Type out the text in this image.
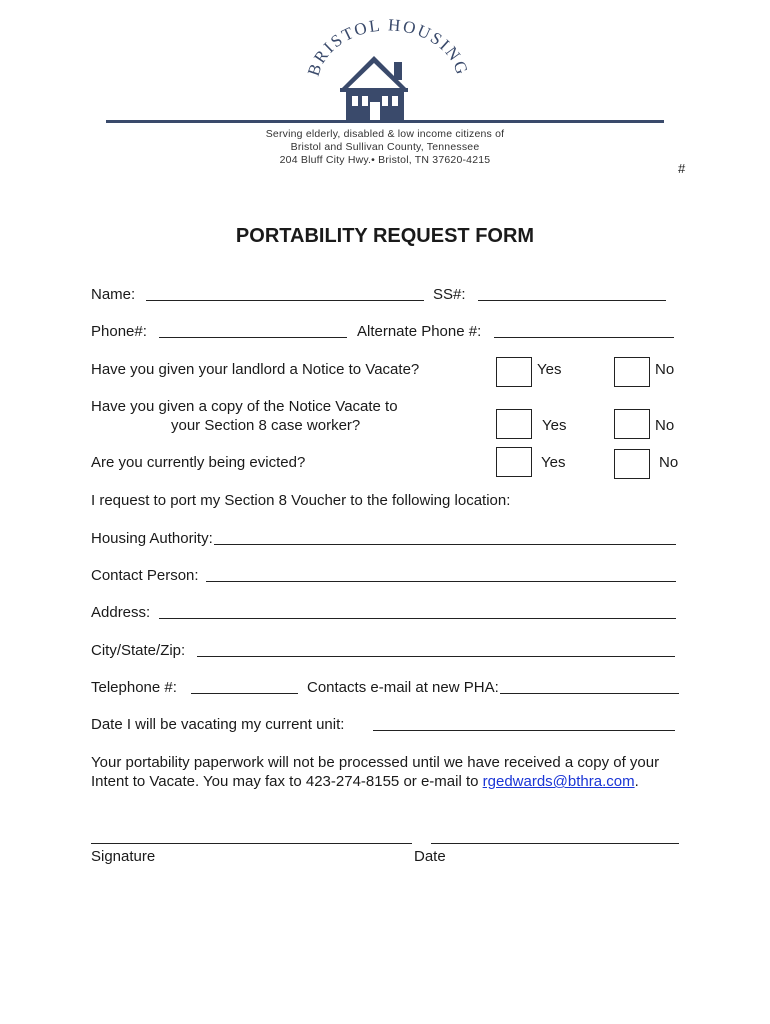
BRISTOL HOUSING
Serving elderly, disabled & low income citizens of
Bristol and Sullivan County, Tennessee
204 Bluff City Hwy.• Bristol, TN 37620-4215
#
PORTABILITY REQUEST FORM
Name:	SS#:
Phone#:	Alternate Phone #:
Have you given your landlord a Notice to Vacate?	Yes	No
Have you given a copy of the Notice Vacate to
your Section 8 case worker?	Yes	No
Are you currently being evicted?	Yes	No
I request to port my Section 8 Voucher to the following location:
Housing Authority:
Contact Person:
Address:
City/State/Zip:
Telephone #:	Contacts e-mail at new PHA:
Date I will be vacating my current unit:
Your portability paperwork will not be processed until we have received a copy of your
Intent to Vacate. You may fax to 423-274-8155 or e-mail to rgedwards@bthra.com.
Signature	Date
